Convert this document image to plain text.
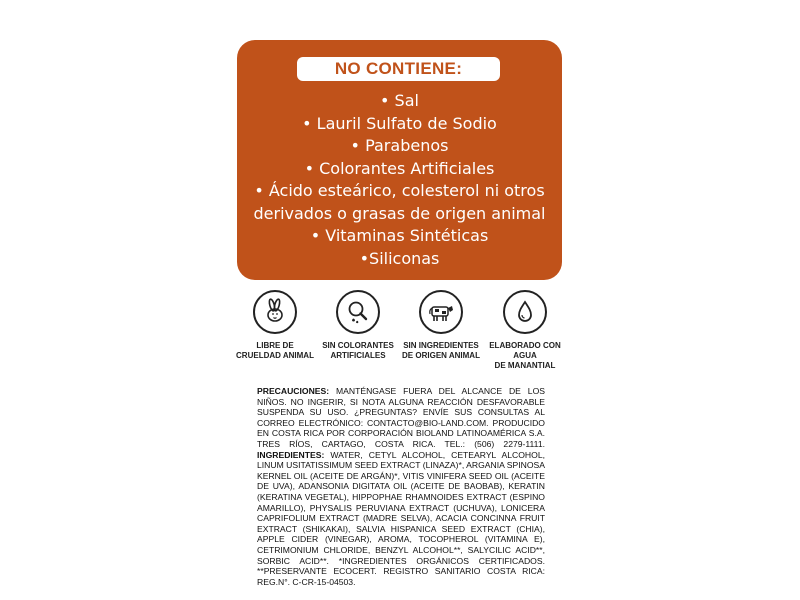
NO CONTIENE:
• Sal
• Lauril Sulfato de Sodio
• Parabenos
• Colorantes Artificiales
• Ácido esteárico, colesterol ni otros
derivados o grasas de origen animal
• Vitaminas Sintéticas
•Siliconas
LIBRE DE
CRUELDAD ANIMAL
SIN COLORANTES
ARTIFICIALES
SIN INGREDIENTES
DE ORIGEN ANIMAL
ELABORADO CON AGUA
DE MANANTIAL

PRECAUCIONES: MANTÉNGASE FUERA DEL ALCANCE DE LOS NIÑOS. NO INGERIR, SI NOTA ALGUNA REACCIÓN DESFAVORABLE SUSPENDA SU USO. ¿PREGUNTAS? ENVÍE SUS CONSULTAS AL CORREO ELECTRÓNICO: CONTACTO@BIO-LAND.COM. PRODUCIDO EN COSTA RICA POR CORPORACIÓN BIOLAND LATINOAMÉRICA S.A. TRES RÍOS, CARTAGO, COSTA RICA. TEL.: (506) 2279-1111. INGREDIENTES: WATER, CETYL ALCOHOL, CETEARYL ALCOHOL, LINUM USITATISSIMUM SEED EXTRACT (LINAZA)*, ARGANIA SPINOSA KERNEL OIL (ACEITE DE ARGÁN)*, VITIS VINIFERA SEED OIL (ACEITE DE UVA), ADANSONIA DIGITATA OIL (ACEITE DE BAOBAB), KERATIN (KERATINA VEGETAL), HIPPOPHAE RHAMNOIDES EXTRACT (ESPINO AMARILLO), PHYSALIS PERUVIANA EXTRACT (UCHUVA), LONICERA CAPRIFOLIUM EXTRACT (MADRE SELVA), ACACIA CONCINNA FRUIT EXTRACT (SHIKAKAI), SALVIA HISPANICA SEED EXTRACT (CHIA), APPLE CIDER (VINEGAR), AROMA, TOCOPHEROL (VITAMINA E), CETRIMONIUM CHLORIDE, BENZYL ALCOHOL**, SALYCILIC ACID**, SORBIC ACID**. *INGREDIENTES ORGÁNICOS CERTIFICADOS. **PRESERVANTE ECOCERT. REGISTRO SANITARIO COSTA RICA: REG.N°. C-CR-15-04503.
